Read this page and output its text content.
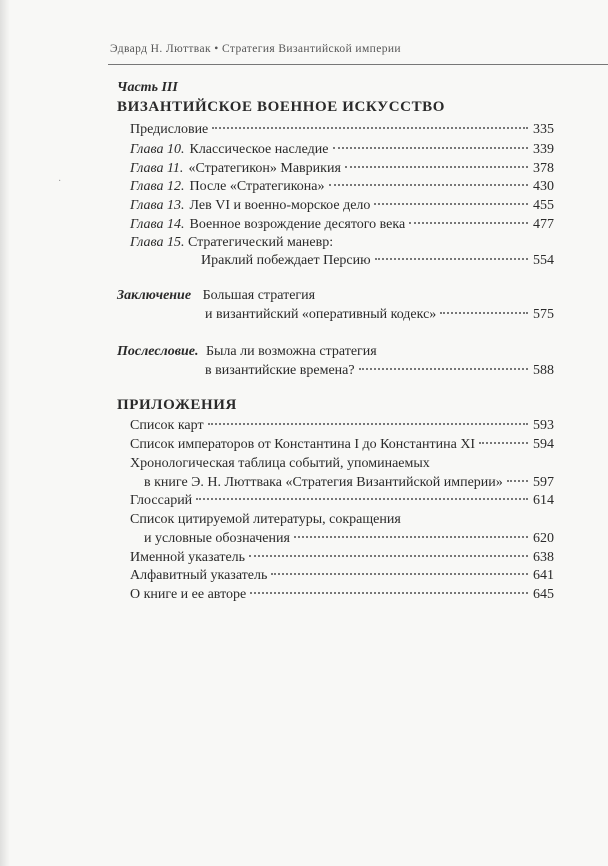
·
Эдвард Н. Люттвак • Стратегия Византийской империи
Часть III
ВИЗАНТИЙСКОЕ ВОЕННОЕ ИСКУССТВО
Предисловие	335
Глава 10. Классическое наследие	339
Глава 11. «Стратегикон» Маврикия	378
Глава 12. После «Стратегикона»	430
Глава 13. Лев VI и военно-морское дело	455
Глава 14. Военное возрождение десятого века	477
Глава 15. Стратегический маневр:
Ираклий побеждает Персию	554
Заключение Большая стратегия
и византийский «оперативный кодекс»	575
Послесловие. Была ли возможна стратегия
в византийские времена?	588
ПРИЛОЖЕНИЯ
Список карт	593
Список императоров от Константина I до Константина XI	594
Хронологическая таблица событий, упоминаемых
в книге Э. Н. Люттвака «Стратегия Византийской империи» 597
Глоссарий	614
Список цитируемой литературы, сокращения
и условные обозначения	620
Именной указатель	638
Алфавитный указатель	641
О книге и ее авторе	645
